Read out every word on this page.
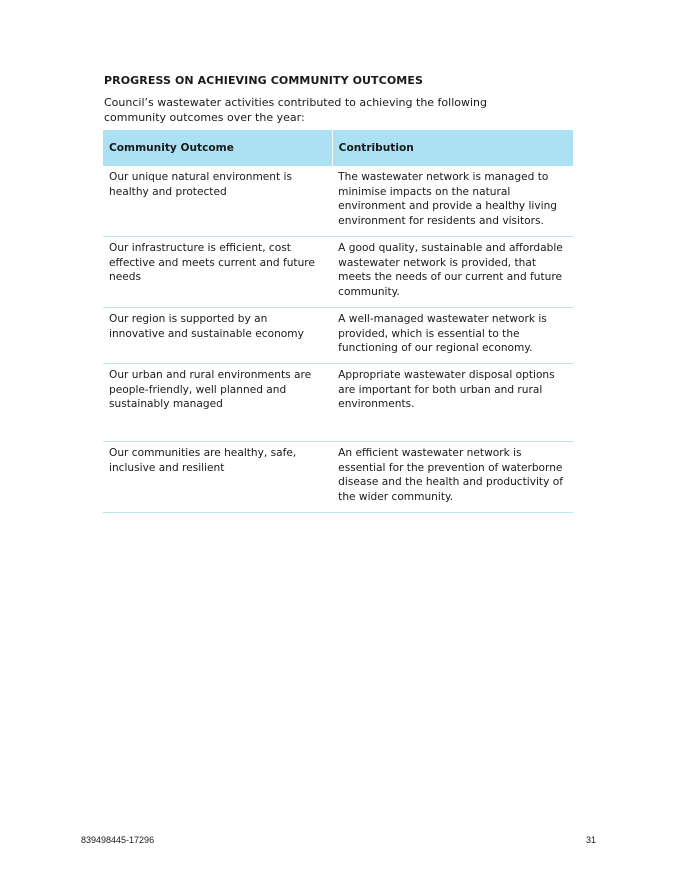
PROGRESS ON ACHIEVING COMMUNITY OUTCOMES

Council’s wastewater activities contributed to achieving the following community outcomes over the year:

Community Outcome	Contribution
Our unique natural environment is healthy and protected	The wastewater network is managed to minimise impacts on the natural environment and provide a healthy living environment for residents and visitors.
Our infrastructure is efficient, cost effective and meets current and future needs	A good quality, sustainable and affordable wastewater network is provided, that meets the needs of our current and future community.
Our region is supported by an innovative and sustainable economy	A well-managed wastewater network is provided, which is essential to the functioning of our regional economy.
Our urban and rural environments are people-friendly, well planned and sustainably managed	Appropriate wastewater disposal options are important for both urban and rural environments.
Our communities are healthy, safe, inclusive and resilient	An efficient wastewater network is essential for the prevention of waterborne disease and the health and productivity of the wider community.
839498445-17296	31
